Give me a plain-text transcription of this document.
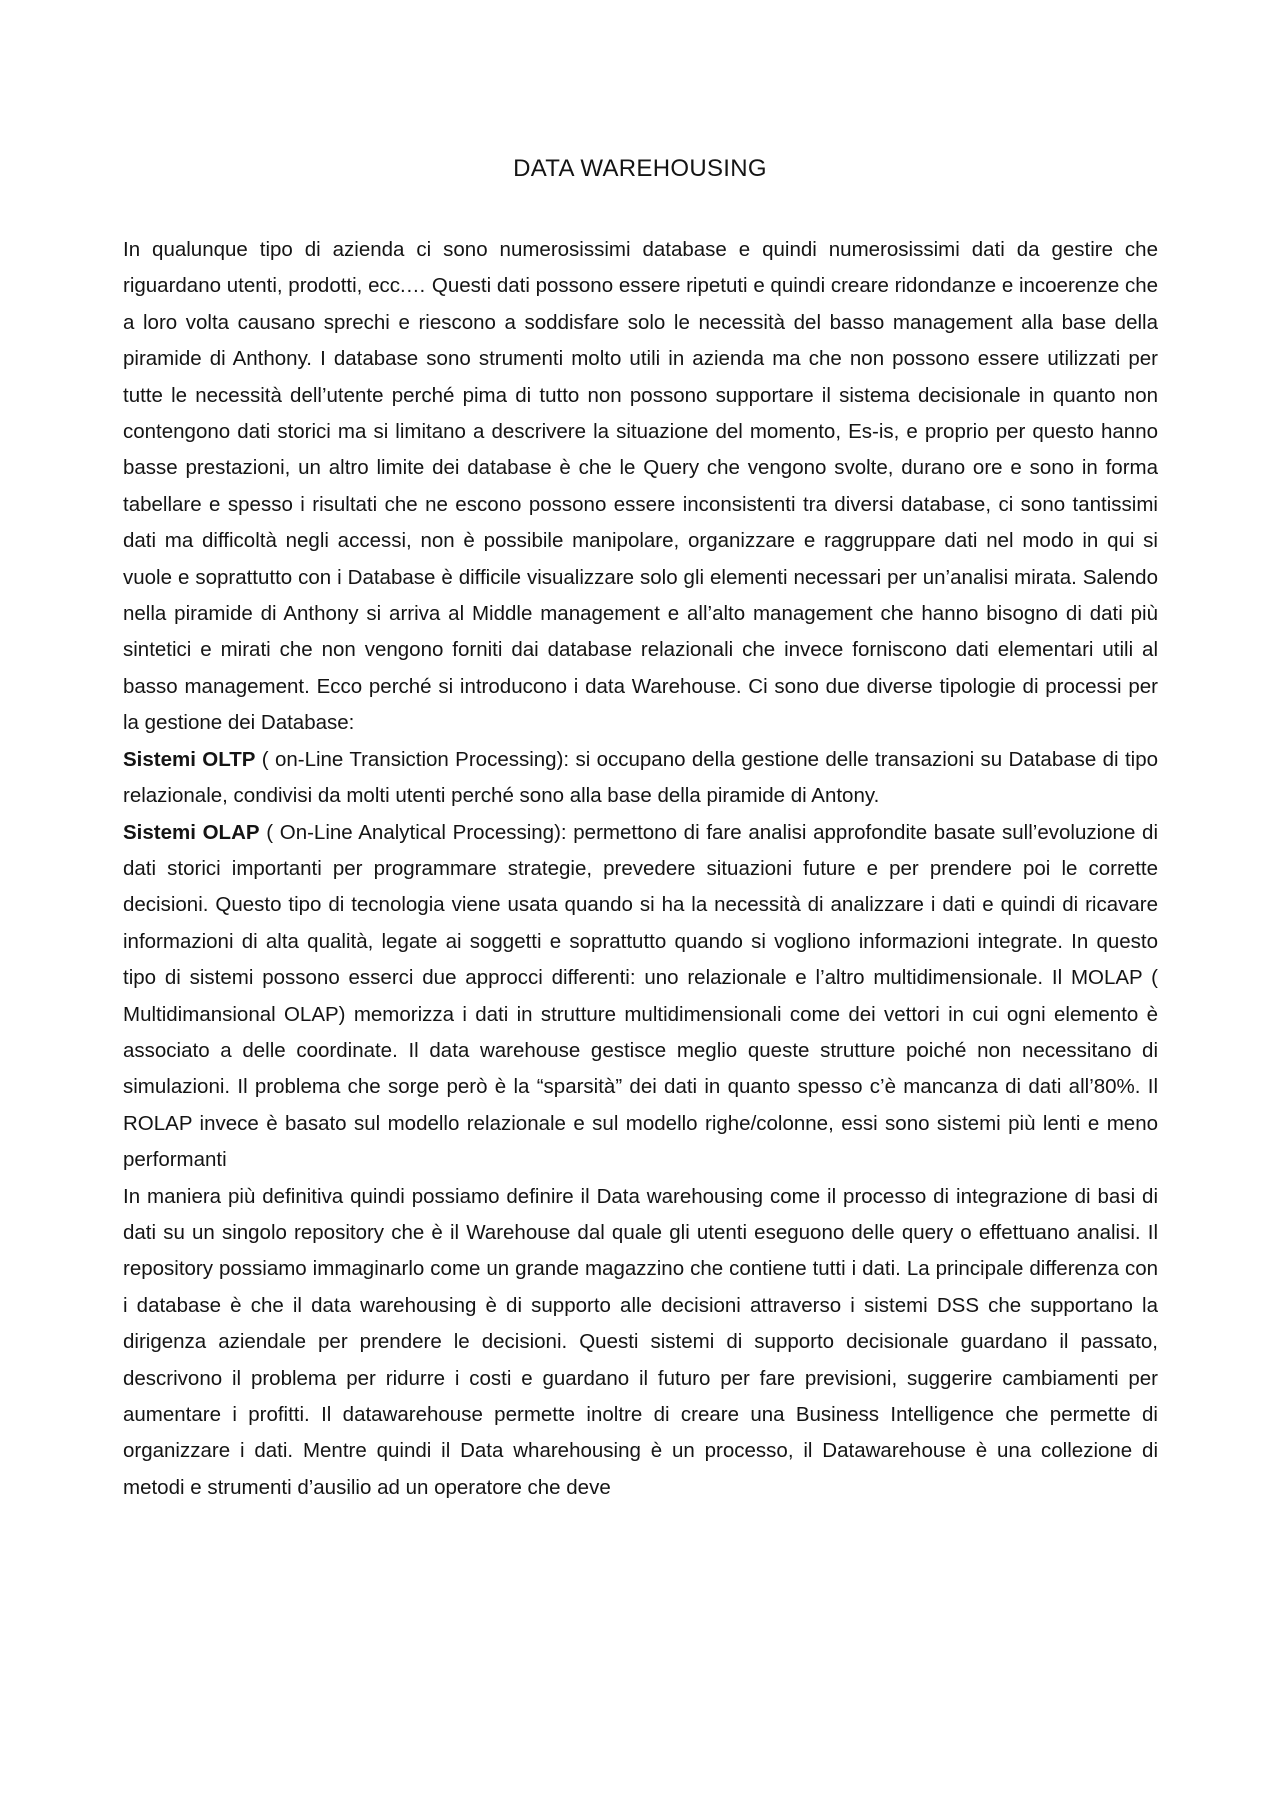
DATA WAREHOUSING

In qualunque tipo di azienda ci sono numerosissimi database e quindi numerosissimi dati da gestire che riguardano utenti, prodotti, ecc.… Questi dati possono essere ripetuti e quindi creare ridondanze e incoerenze che a loro volta causano sprechi e riescono a soddisfare solo le necessità del basso management alla base della piramide di Anthony. I database sono strumenti molto utili in azienda ma che non possono essere utilizzati per tutte le necessità dell’utente perché pima di tutto non possono supportare il sistema decisionale in quanto non contengono dati storici ma si limitano a descrivere la situazione del momento, Es-is, e proprio per questo hanno basse prestazioni, un altro limite dei database è che le Query che vengono svolte, durano ore e sono in forma tabellare e spesso i risultati che ne escono possono essere inconsistenti tra diversi database, ci sono tantissimi dati ma difficoltà negli accessi, non è possibile manipolare, organizzare e raggruppare dati nel modo in qui si vuole e soprattutto con i Database è difficile visualizzare solo gli elementi necessari per un’analisi mirata. Salendo nella piramide di Anthony si arriva al Middle management e all’alto management che hanno bisogno di dati più sintetici e mirati che non vengono forniti dai database relazionali che invece forniscono dati elementari utili al basso management. Ecco perché si introducono i data Warehouse. Ci sono due diverse tipologie di processi per la gestione dei Database:

Sistemi OLTP ( on-Line Transiction Processing): si occupano della gestione delle transazioni su Database di tipo relazionale, condivisi da molti utenti perché sono alla base della piramide di Antony.

Sistemi OLAP ( On-Line Analytical Processing): permettono di fare analisi approfondite basate sull’evoluzione di dati storici importanti per programmare strategie, prevedere situazioni future e per prendere poi le corrette decisioni. Questo tipo di tecnologia viene usata quando si ha la necessità di analizzare i dati e quindi di ricavare informazioni di alta qualità, legate ai soggetti e soprattutto quando si vogliono informazioni integrate. In questo tipo di sistemi possono esserci due approcci differenti: uno relazionale e l’altro multidimensionale. Il MOLAP ( Multidimansional OLAP) memorizza i dati in strutture multidimensionali come dei vettori in cui ogni elemento è associato a delle coordinate. Il data warehouse gestisce meglio queste strutture poiché non necessitano di simulazioni. Il problema che sorge però è la “sparsità” dei dati in quanto spesso c’è mancanza di dati all’80%. Il ROLAP invece è basato sul modello relazionale e sul modello righe/colonne, essi sono sistemi più lenti e meno performanti

In maniera più definitiva quindi possiamo definire il Data warehousing come il processo di integrazione di basi di dati su un singolo repository che è il Warehouse dal quale gli utenti eseguono delle query o effettuano analisi. Il repository possiamo immaginarlo come un grande magazzino che contiene tutti i dati. La principale differenza con i database è che il data warehousing è di supporto alle decisioni attraverso i sistemi DSS che supportano la dirigenza aziendale per prendere le decisioni. Questi sistemi di supporto decisionale guardano il passato, descrivono il problema per ridurre i costi e guardano il futuro per fare previsioni, suggerire cambiamenti per aumentare i profitti. Il datawarehouse permette inoltre di creare una Business Intelligence che permette di organizzare i dati. Mentre quindi il Data wharehousing è un processo, il Datawarehouse è una collezione di metodi e strumenti d’ausilio ad un operatore che deve
